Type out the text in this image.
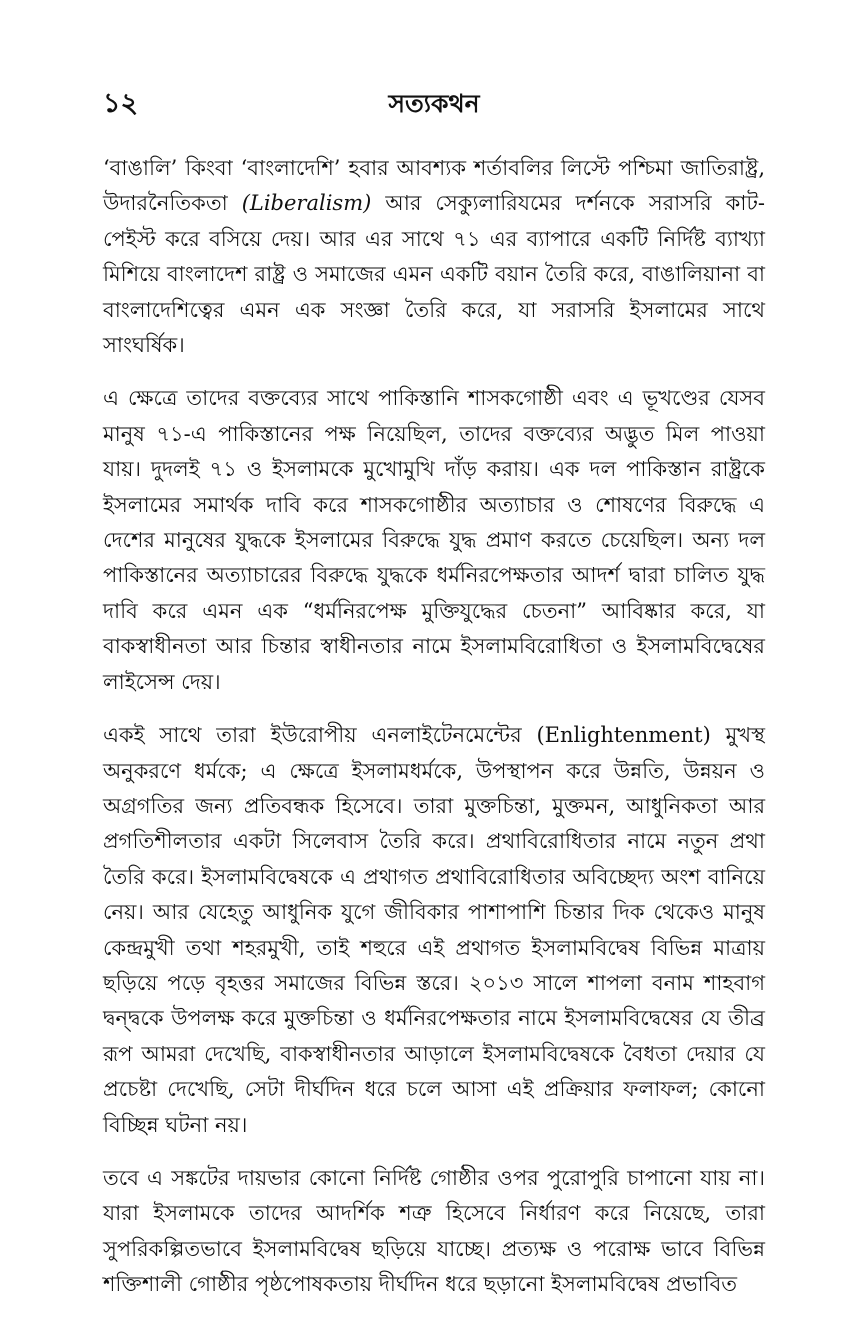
১২	সত্যকথন

‘বাঙালি’ কিংবা ‘বাংলাদেশি’ হবার আবশ্যক শর্তাবলির লিস্টে পশ্চিমা জাতিরাষ্ট্র, উদারনৈতিকতা (Liberalism) আর সেক্যুলারিযমের দর্শনকে সরাসরি কাট-পেইস্ট করে বসিয়ে দেয়। আর এর সাথে ৭১ এর ব্যাপারে একটি নির্দিষ্ট ব্যাখ্যা মিশিয়ে বাংলাদেশ রাষ্ট্র ও সমাজের এমন একটি বয়ান তৈরি করে, বাঙালিয়ানা বা বাংলাদেশিত্বের এমন এক সংজ্ঞা তৈরি করে, যা সরাসরি ইসলামের সাথে সাংঘর্ষিক।

এ ক্ষেত্রে তাদের বক্তব্যের সাথে পাকিস্তানি শাসকগোষ্ঠী এবং এ ভূখণ্ডের যেসব মানুষ ৭১-এ পাকিস্তানের পক্ষ নিয়েছিল, তাদের বক্তব্যের অদ্ভুত মিল পাওয়া যায়। দুদলই ৭১ ও ইসলামকে মুখোমুখি দাঁড় করায়। এক দল পাকিস্তান রাষ্ট্রকে ইসলামের সমার্থক দাবি করে শাসকগোষ্ঠীর অত্যাচার ও শোষণের বিরুদ্ধে এ দেশের মানুষের যুদ্ধকে ইসলামের বিরুদ্ধে যুদ্ধ প্রমাণ করতে চেয়েছিল। অন্য দল পাকিস্তানের অত্যাচারের বিরুদ্ধে যুদ্ধকে ধর্মনিরপেক্ষতার আদর্শ দ্বারা চালিত যুদ্ধ দাবি করে এমন এক “ধর্মনিরপেক্ষ মুক্তিযুদ্ধের চেতনা” আবিষ্কার করে, যা বাকস্বাধীনতা আর চিন্তার স্বাধীনতার নামে ইসলামবিরোধিতা ও ইসলামবিদ্বেষের লাইসেন্স দেয়।

একই সাথে তারা ইউরোপীয় এনলাইটেনমেন্টের (Enlightenment) মুখস্থ অনুকরণে ধর্মকে; এ ক্ষেত্রে ইসলামধর্মকে, উপস্থাপন করে উন্নতি, উন্নয়ন ও অগ্রগতির জন্য প্রতিবন্ধক হিসেবে। তারা মুক্তচিন্তা, মুক্তমন, আধুনিকতা আর প্রগতিশীলতার একটা সিলেবাস তৈরি করে। প্রথাবিরোধিতার নামে নতুন প্রথা তৈরি করে। ইসলামবিদ্বেষকে এ প্রথাগত প্রথাবিরোধিতার অবিচ্ছেদ্য অংশ বানিয়ে নেয়। আর যেহেতু আধুনিক যুগে জীবিকার পাশাপাশি চিন্তার দিক থেকেও মানুষ কেন্দ্রমুখী তথা শহরমুখী, তাই শহুরে এই প্রথাগত ইসলামবিদ্বেষ বিভিন্ন মাত্রায় ছড়িয়ে পড়ে বৃহত্তর সমাজের বিভিন্ন স্তরে। ২০১৩ সালে শাপলা বনাম শাহবাগ দ্বন্দ্বকে উপলক্ষ করে মুক্তচিন্তা ও ধর্মনিরপেক্ষতার নামে ইসলামবিদ্বেষের যে তীব্র রূপ আমরা দেখেছি, বাকস্বাধীনতার আড়ালে ইসলামবিদ্বেষকে বৈধতা দেয়ার যে প্রচেষ্টা দেখেছি, সেটা দীর্ঘদিন ধরে চলে আসা এই প্রক্রিয়ার ফলাফল; কোনো বিচ্ছিন্ন ঘটনা নয়।

তবে এ সঙ্কটের দায়ভার কোনো নির্দিষ্ট গোষ্ঠীর ওপর পুরোপুরি চাপানো যায় না। যারা ইসলামকে তাদের আদর্শিক শত্রু হিসেবে নির্ধারণ করে নিয়েছে, তারা সুপরিকল্পিতভাবে ইসলামবিদ্বেষ ছড়িয়ে যাচ্ছে। প্রত্যক্ষ ও পরোক্ষ ভাবে বিভিন্ন শক্তিশালী গোষ্ঠীর পৃষ্ঠপোষকতায় দীর্ঘদিন ধরে ছড়ানো ইসলামবিদ্বেষ প্রভাবিত
